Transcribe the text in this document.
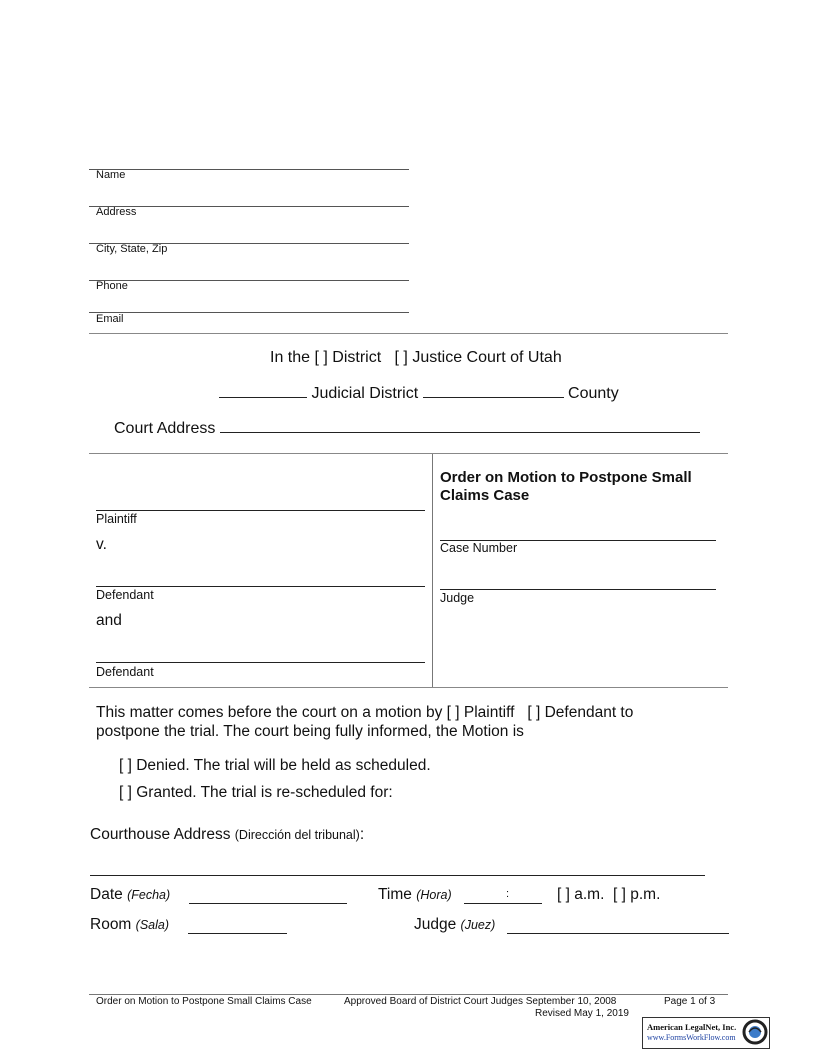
Name
Address
City, State, Zip
Phone
Email
In the [ ] District [ ] Justice Court of Utah
Judicial District	County
Court Address
Plaintiff
v.
Defendant
and
Defendant
Order on Motion to Postpone Small Claims Case
Case Number
Judge
This matter comes before the court on a motion by [ ] Plaintiff [ ] Defendant to
postpone the trial. The court being fully informed, the Motion is
[ ] Denied. The trial will be held as scheduled.
[ ] Granted. The trial is re-scheduled for:
Courthouse Address (Dirección del tribunal):
Date (Fecha)	Time (Hora)	:	[ ] a.m. [ ] p.m.
Room (Sala)	Judge (Juez)
Order on Motion to Postpone Small Claims Case	Approved Board of District Court Judges September 10, 2008
Revised May 1, 2019
Page 1 of 3
American LegalNet, Inc.
www.FormsWorkFlow.com
